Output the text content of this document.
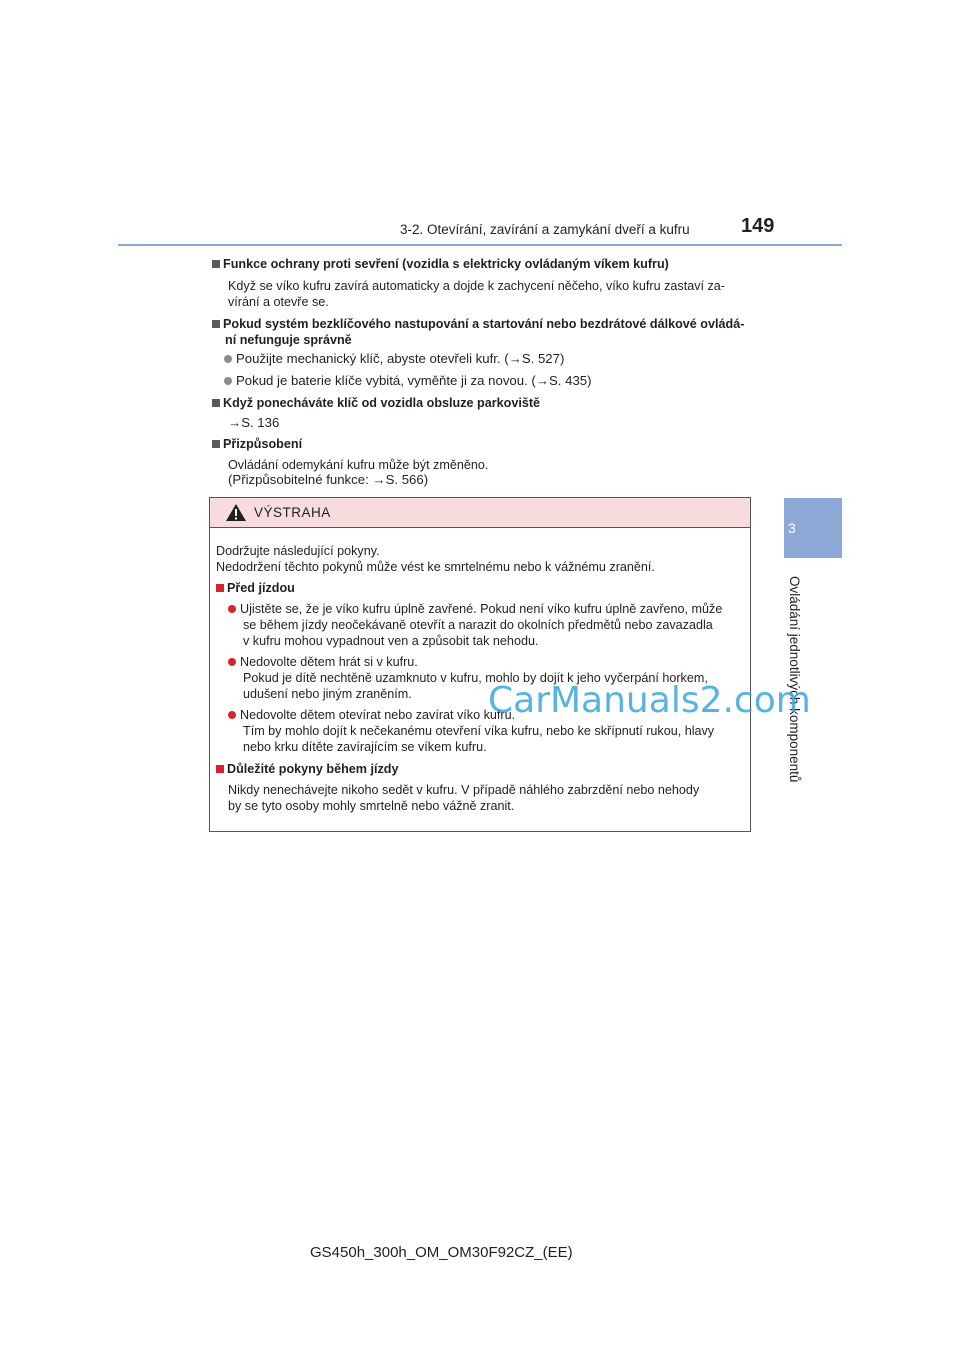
3-2. Otevírání, zavírání a zamykání dveří a kufru	149
3
Ovládání jednotlivých komponentů
Funkce ochrany proti sevření (vozidla s elektricky ovládaným víkem kufru)
Když se víko kufru zavírá automaticky a dojde k zachycení něčeho, víko kufru zastaví za-
vírání a otevře se.
Pokud systém bezklíčového nastupování a startování nebo bezdrátové dálkové ovládá-
ní nefunguje správně
Použijte mechanický klíč, abyste otevřeli kufr. (→S. 527)
Pokud je baterie klíče vybitá, vyměňte ji za novou. (→S. 435)
Když ponecháváte klíč od vozidla obsluze parkoviště
→S. 136
Přizpůsobení
Ovládání odemykání kufru může být změněno.
(Přizpůsobitelné funkce: →S. 566)
VÝSTRAHA
Dodržujte následující pokyny.
Nedodržení těchto pokynů může vést ke smrtelnému nebo k vážnému zranění.
Před jízdou
Ujistěte se, že je víko kufru úplně zavřené. Pokud není víko kufru úplně zavřeno, může
se během jízdy neočekávaně otevřít a narazit do okolních předmětů nebo zavazadla
v kufru mohou vypadnout ven a způsobit tak nehodu.
Nedovolte dětem hrát si v kufru.
Pokud je dítě nechtěně uzamknuto v kufru, mohlo by dojít k jeho vyčerpání horkem,
udušení nebo jiným zraněním.
Nedovolte dětem otevírat nebo zavírat víko kufru.
Tím by mohlo dojít k nečekanému otevření víka kufru, nebo ke skřípnutí rukou, hlavy
nebo krku dítěte zavírajícím se víkem kufru.
Důležité pokyny během jízdy
Nikdy nenechávejte nikoho sedět v kufru. V případě náhlého zabrzdění nebo nehody
by se tyto osoby mohly smrtelně nebo vážně zranit.
CarManuals2.com
GS450h_300h_OM_OM30F92CZ_(EE)
